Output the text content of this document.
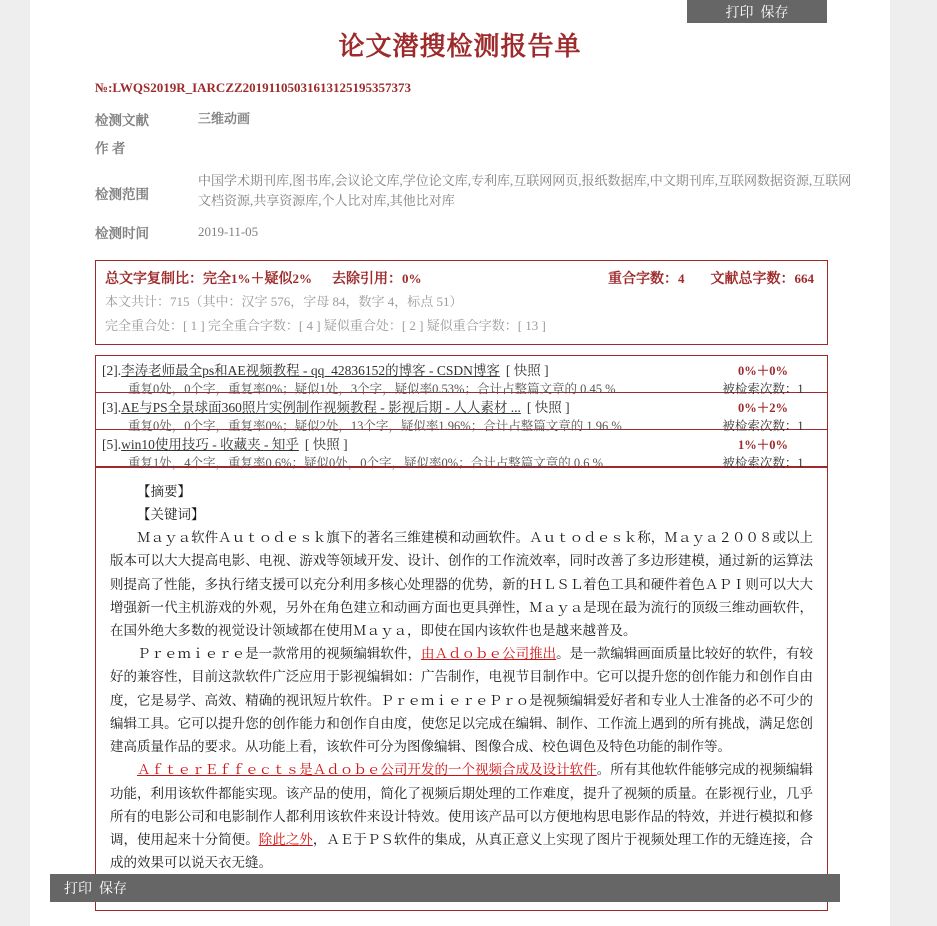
打印 保存
论文潜搜检测报告单
№:LWQS2019R_IARCZZ20191105031613125195357373
检测文献	三维动画
作 者	
检测范围	中国学术期刊库,图书库,会议论文库,学位论文库,专利库,互联网网页,报纸数据库,中文期刊库,互联网数据资源,互联网文档资源,共享资源库,个人比对库,其他比对库
检测时间	2019-11-05
总文字复制比：完全1%＋疑似2% 去除引用：0%	重合字数：4 文献总字数：664
本文共计：715（其中：汉字 576，字母 84，数字 4，标点 51）
完全重合处：[ 1 ] 完全重合字数：[ 4 ] 疑似重合处：[ 2 ] 疑似重合字数：[ 13 ]
[2].李涛老师最全ps和AE视频教程 - qq_42836152的博客 - CSDN博客 [ 快照 ]	0%＋0%
重复0处，0个字，重复率0%；疑似1处，3个字，疑似率0.53%；合计占整篇文章的 0.45 %	被检索次数：1
[3].AE与PS全景球面360照片实例制作视频教程 - 影视后期 - 人人素材 ... [ 快照 ]	0%＋2%
重复0处，0个字，重复率0%；疑似2处，13个字，疑似率1.96%；合计占整篇文章的 1.96 %	被检索次数：1
[5].win10使用技巧 - 收藏夹 - 知乎 [ 快照 ]	1%＋0%
重复1处，4个字，重复率0.6%；疑似0处，0个字，疑似率0%；合计占整篇文章的 0.6 %	被检索次数：1
【摘要】
【关键词】

Ｍａｙａ软件Ａｕｔｏｄｅｓｋ旗下的著名三维建模和动画软件。Ａｕｔｏｄｅｓｋ称，Ｍａｙａ２００８或以上版本可以大大提高电影、电视、游戏等领域开发、设计、创作的工作流效率，同时改善了多边形建模，通过新的运算法则提高了性能，多执行绪支援可以充分利用多核心处理器的优势，新的ＨＬＳＬ着色工具和硬件着色ＡＰＩ则可以大大增强新一代主机游戏的外观，另外在角色建立和动画方面也更具弹性，Ｍａｙａ是现在最为流行的顶级三维动画软件，在国外绝大多数的视觉设计领域都在使用Ｍａｙａ，即使在国内该软件也是越来越普及。

Ｐｒｅｍｉｅｒｅ是一款常用的视频编辑软件，由Ａｄｏｂｅ公司推出。是一款编辑画面质量比较好的软件，有较好的兼容性，目前这款软件广泛应用于影视编辑如：广告制作，电视节目制作中。它可以提升您的创作能力和创作自由度，它是易学、高效、精确的视讯短片软件。ＰｒｅｍｉｅｒｅＰｒｏ是视频编辑爱好者和专业人士准备的必不可少的编辑工具。它可以提升您的创作能力和创作自由度，使您足以完成在编辑、制作、工作流上遇到的所有挑战，满足您创建高质量作品的要求。从功能上看，该软件可分为图像编辑、图像合成、校色调色及特色功能的制作等。

ＡｆｔｅｒＥｆｆｅｃｔｓ是Ａｄｏｂｅ公司开发的一个视频合成及设计软件。所有其他软件能够完成的视频编辑功能，利用该软件都能实现。该产品的使用，简化了视频后期处理的工作难度，提升了视频的质量。在影视行业，几乎所有的电影公司和电影制作人都利用该软件来设计特效。使用该产品可以方便地构思电影作品的特效，并进行模拟和修调，使用起来十分简便。除此之外，ＡＥ于ＰＳ软件的集成，从真正意义上实现了图片于视频处理工作的无缝连接，合成的效果可以说天衣无缝。

打印 保存
